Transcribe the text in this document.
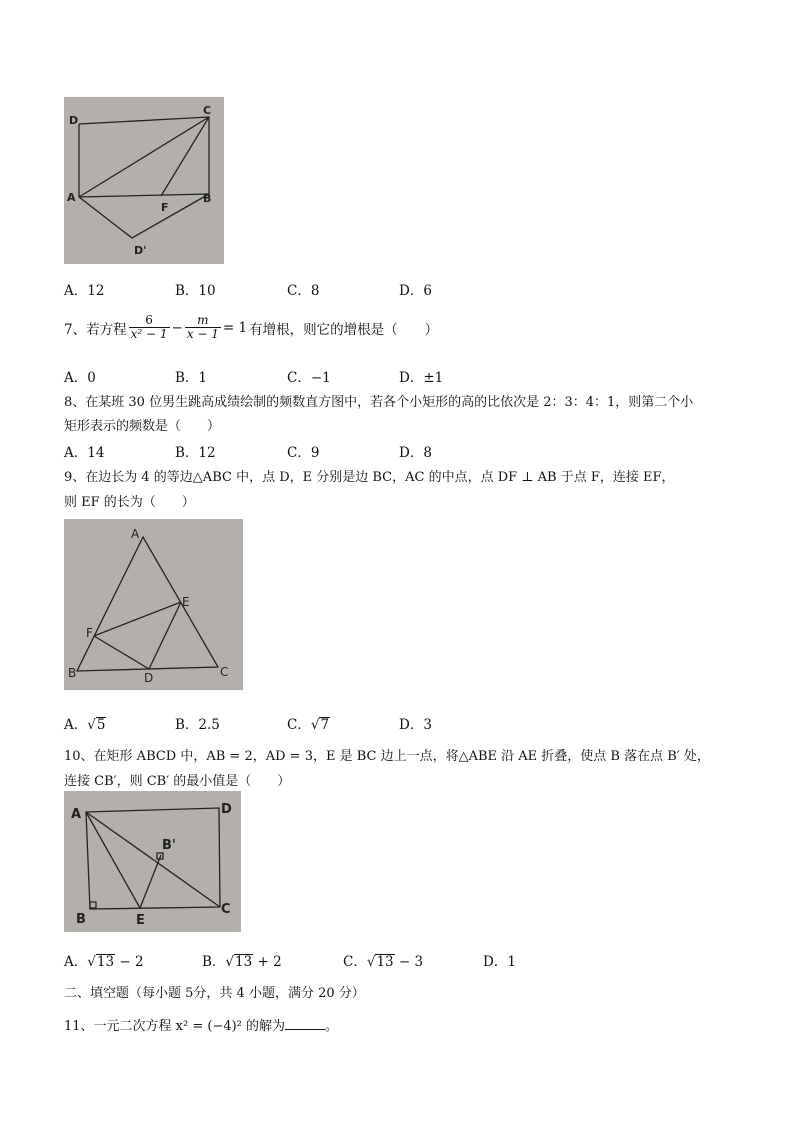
D
C
A	B
F
D'
A．12	B．10	C．8	D．6
7、若方程 $\frac{6}{\text{x² − 1}} - \frac{m}{x - 1} = 1$ 有增根，则它的增根是（　　）
A．0	B．1	C．−1	D．±1
8、在某班 30 位男生跳高成绩绘制的频数直方图中，若各个小矩形的高的比依次是 2：3：4：1，则第二个小
矩形表示的频数是（　　）
A．14	B．12	C．9	D．8
9、在边长为 4 的等边△ABC 中，点 D，E 分别是边 BC，AC 的中点，点 DF ⊥ AB 于点 F，连接 EF，
则 EF 的长为（　　）
A
E
F
B	D	C
A．√5	B．2.5	C．√7	D．3
10、在矩形 ABCD 中，AB = 2，AD = 3，E 是 BC 边上一点，将△ABE 沿 AE 折叠，使点 B 落在点 B′ 处，
连接 CB′，则 CB′ 的最小值是（　　）
A	D
B'
B	E
C
A．√13 − 2	B．√13 + 2	C．√13 − 3	D．1
二、填空题（每小题 5分，共 4 小题，满分 20 分）
11、一元二次方程 x² = (−4)² 的解为	。
